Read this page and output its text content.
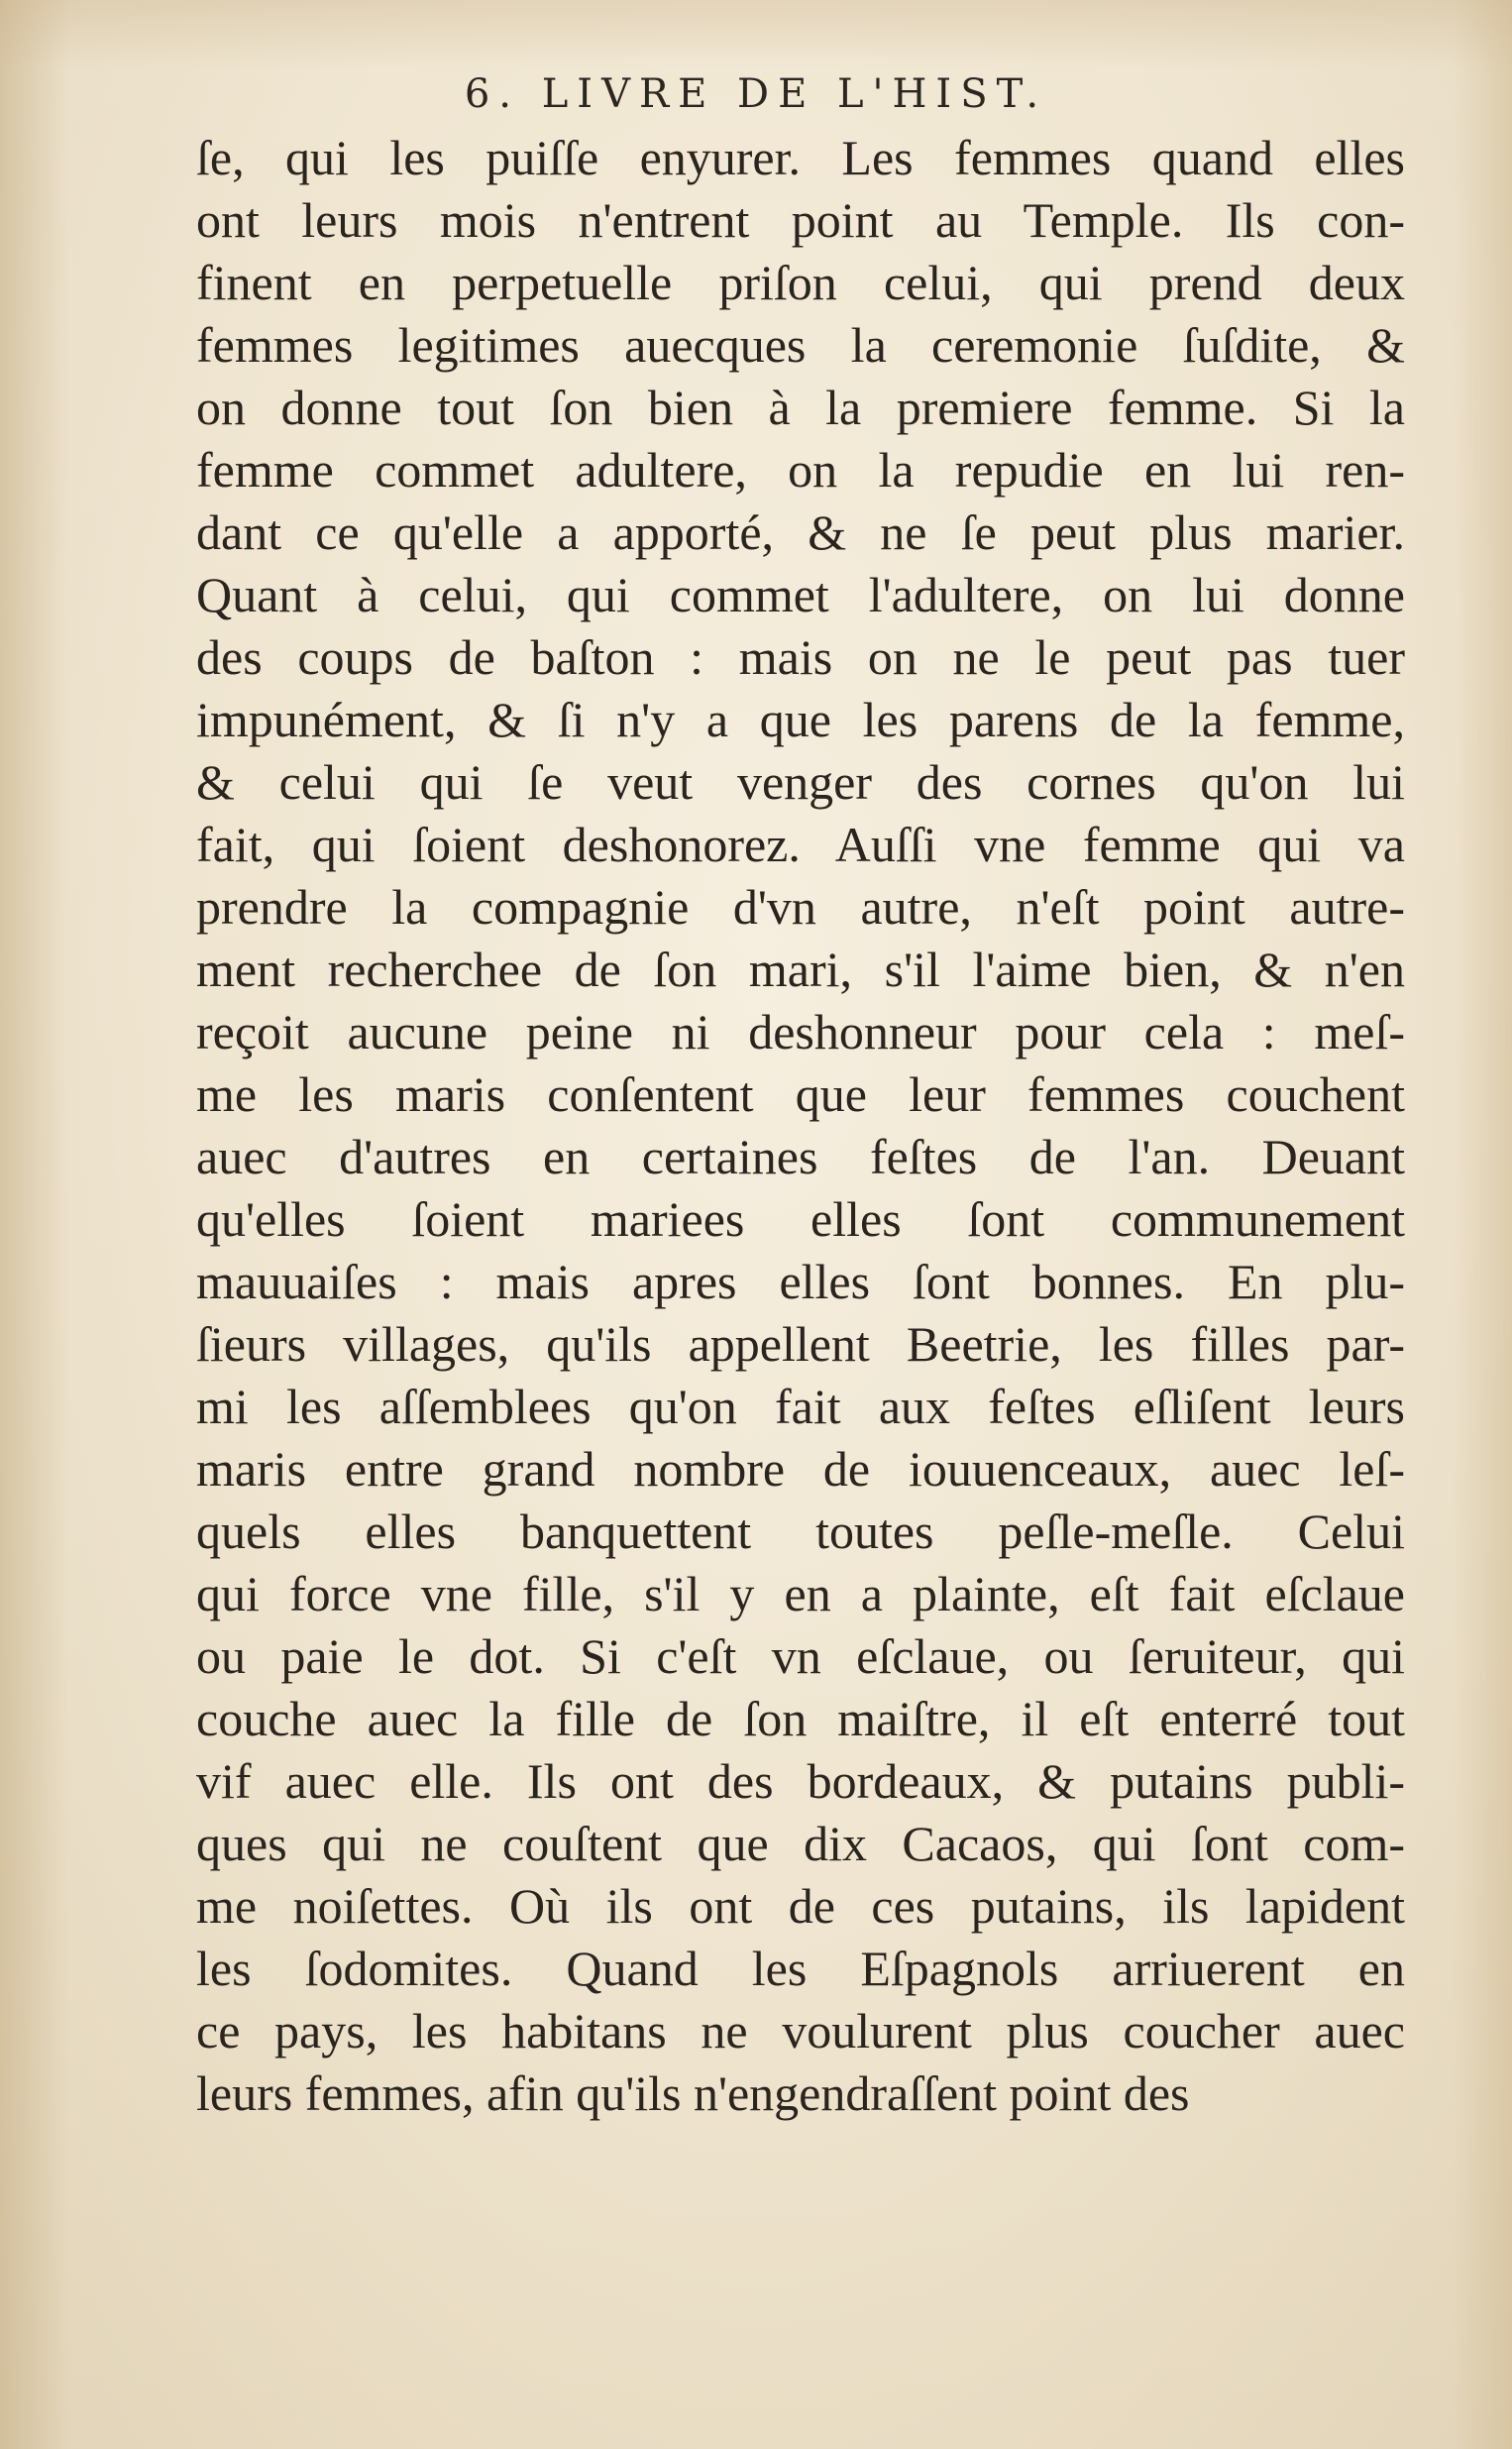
6. LIVRE DE L'HIST.
ſe, qui les puiſſe enyurer. Les femmes quand elles
ont leurs mois n'entrent point au Temple. Ils con-
finent en perpetuelle priſon celui, qui prend deux
femmes legitimes auecques la ceremonie ſuſdite, &
on donne tout ſon bien à la premiere femme. Si la
femme commet adultere, on la repudie en lui ren-
dant ce qu'elle a apporté, & ne ſe peut plus marier.
Quant à celui, qui commet l'adultere, on lui donne
des coups de baſton : mais on ne le peut pas tuer
impunément, & ſi n'y a que les parens de la femme,
& celui qui ſe veut venger des cornes qu'on lui
fait, qui ſoient deshonorez. Auſſi vne femme qui va
prendre la compagnie d'vn autre, n'eſt point autre-
ment recherchee de ſon mari, s'il l'aime bien, & n'en
reçoit aucune peine ni deshonneur pour cela : meſ-
me les maris conſentent que leur femmes couchent
auec d'autres en certaines feſtes de l'an. Deuant
qu'elles ſoient mariees elles ſont communement
mauuaiſes : mais apres elles ſont bonnes. En plu-
ſieurs villages, qu'ils appellent Beetrie, les filles par-
mi les aſſemblees qu'on fait aux feſtes eſliſent leurs
maris entre grand nombre de iouuenceaux, auec leſ-
quels elles banquettent toutes peſle-meſle. Celui
qui force vne fille, s'il y en a plainte, eſt fait eſclaue
ou paie le dot. Si c'eſt vn eſclaue, ou ſeruiteur, qui
couche auec la fille de ſon maiſtre, il eſt enterré tout
vif auec elle. Ils ont des bordeaux, & putains publi-
ques qui ne couſtent que dix Cacaos, qui ſont com-
me noiſettes. Où ils ont de ces putains, ils lapident
les ſodomites. Quand les Eſpagnols arriuerent en
ce pays, les habitans ne voulurent plus coucher auec
leurs femmes, afin qu'ils n'engendraſſent point des
